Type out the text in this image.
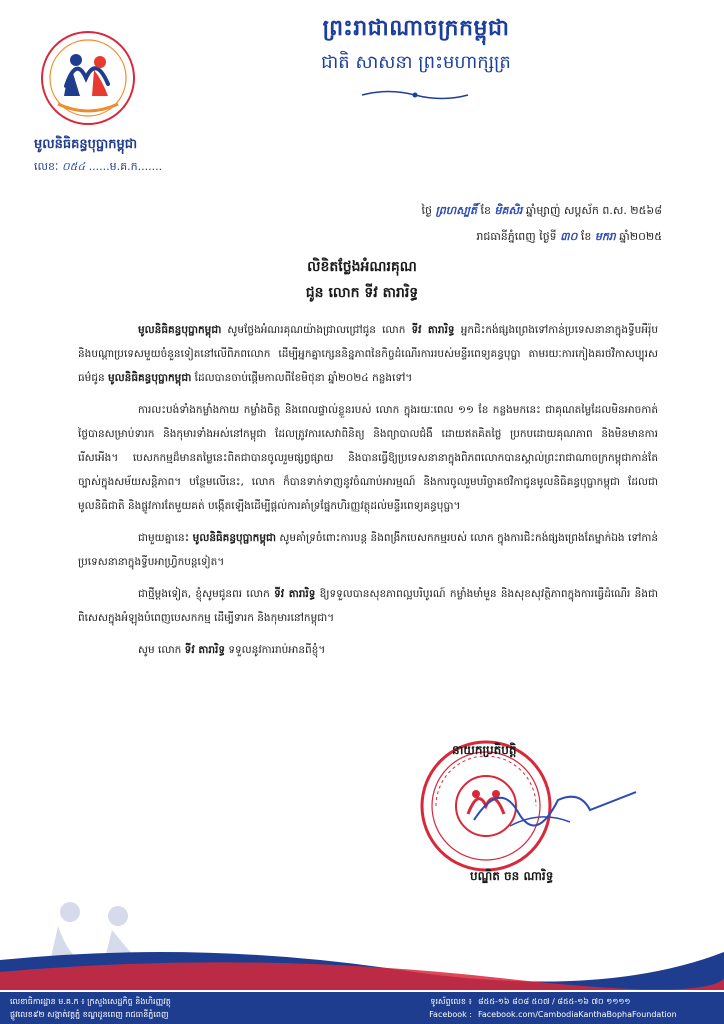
មូលនិធិគន្ធបុប្ផាកម្ពុជា
លេខៈ ០៥៤ ......ម.គ.ក.......
ព្រះរាជាណាចក្រកម្ពុជា
ជាតិ សាសនា ព្រះមហាក្សត្រ
ថ្ងៃ ព្រហស្បតិ៍ ខែ មិគសិរ ឆ្នាំម្សាញ់ សប្តស័ក ព.ស. ២៥៦៨
រាជធានីភ្នំពេញ ថ្ងៃទី ៣០ ខែ មករា ឆ្នាំ២០២៥
លិខិតថ្លែងអំណរគុណ
ជូន លោក ទីវ តារារិទ្ធ

មូលនិធិគន្ធបុប្ផាកម្ពុជា សូមថ្លែងអំណរគុណយ៉ាងជ្រាលជ្រៅជូន លោក ទីវ តារារិទ្ធ អ្នកជិះកង់ផ្សងព្រេងទៅកាន់ប្រទេសនានាក្នុងទ្វីបអឺរ៉ុប និងបណ្តាប្រទេសមួយចំនួនទៀតនៅលើពិភពលោក ដើម្បីអ្នកគ្នាក្សេននិន្នភាពនៃកិច្ចដំណើរការរបស់មន្ទីរពេទ្យគន្ធបុប្ផា តាមរយៈការកៀងគរថវិកាសប្បុរសធម៌ជូន មូលនិធិគន្ធបុប្ផាកម្ពុជា ដែលបានចាប់ផ្តើមកាលពីខែមិថុនា ឆ្នាំ២០២៤ កន្លងទៅ។

ការលះបង់ទាំងកម្លាំងកាយ កម្លាំងចិត្ត និងពេលផ្ទាល់ខ្លួនរបស់ លោក ក្នុងរយៈពេល ១១ ខែ កន្លងមកនេះ ជាគុណតម្លៃដែលមិនអាចកាត់ថ្លៃបានសម្រាប់ទារក និងកុមារទាំងអស់នៅកម្ពុជា ដែលត្រូវការសេវាពិនិត្យ និងព្យាបាលជំងឺ ដោយឥតគិតថ្លៃ ប្រកបដោយគុណភាព និងមិនមានការរើសអើង។ បេសកកម្មដ៏មានតម្លៃនេះពិតជាបានចូលរួមផ្សព្វផ្សាយ និងបានធ្វើឱ្យប្រទេសនានាក្នុងពិភពលោកបានស្គាល់ព្រះរាជាណាចក្រកម្ពុជាកាន់តែច្បាស់ក្នុងសម័យសន្តិភាព។ បន្ថែមលើនេះ, លោក ក៏បានទាក់ទាញនូវចំណាប់អារម្មណ៍ និងការចូលរួមបរិច្ចាគថវិកាជូនមូលនិធិគន្ធបុប្ផាកម្ពុជា ដែលជាមូលនិធិជាតិ និងផ្លូវការតែមួយគត់ បង្កើតឡើងដើម្បីផ្តល់ការគាំទ្រផ្នែកហិរញ្ញវត្ថុដល់មន្ទីរពេទ្យគន្ធបុប្ផា។

ជាមួយគ្នានេះ មូលនិធិគន្ធបុប្ផាកម្ពុជា សូមគាំទ្រចំពោះការបន្ត និងពង្រីកបេសកកម្មរបស់ លោក ក្នុងការជិះកង់ផ្សងព្រេងតែម្នាក់ឯង ទៅកាន់ប្រទេសនានាក្នុងទ្វីបអាហ្វ្រិកបន្តទៀត។

ជាថ្មីម្តងទៀត, ខ្ញុំសូមជូនពរ លោក ទីវ តារារិទ្ធ ឱ្យទទួលបានសុខភាពល្អបរិបូរណ៍ កម្លាំងមាំមួន និងសុខសុវត្ថិភាពក្នុងការធ្វើដំណើរ និងជាពិសេសក្នុងអំឡុងបំពេញបេសកកម្ម ដើម្បីទារក និងកុមារនៅកម្ពុជា។

សូម លោក ទីវ តារារិទ្ធ ទទួលនូវការរាប់អានពីខ្ញុំ។

នាយកប្រតិបត្តិ
បណ្ឌិត ចន ណារិទ្ធ
លេខាធិការដ្ឋាន ម.គ.ក ៖ ក្រសួងសេដ្ឋកិច្ច និងហិរញ្ញវត្ថុ
ផ្លូវលេខ៩២ សង្កាត់វត្តភ្នំ ខណ្ឌដូនពេញ រាជធានីភ្នំពេញ
ទូរស័ព្ទលេខ ៖ ៨៥៥-១៦ ៨០៨ ៥០៧ / ៨៥៥-១៦ ៧០ ១១១១
Facebook : Facebook.com/CambodiaKanthaBophaFoundation
